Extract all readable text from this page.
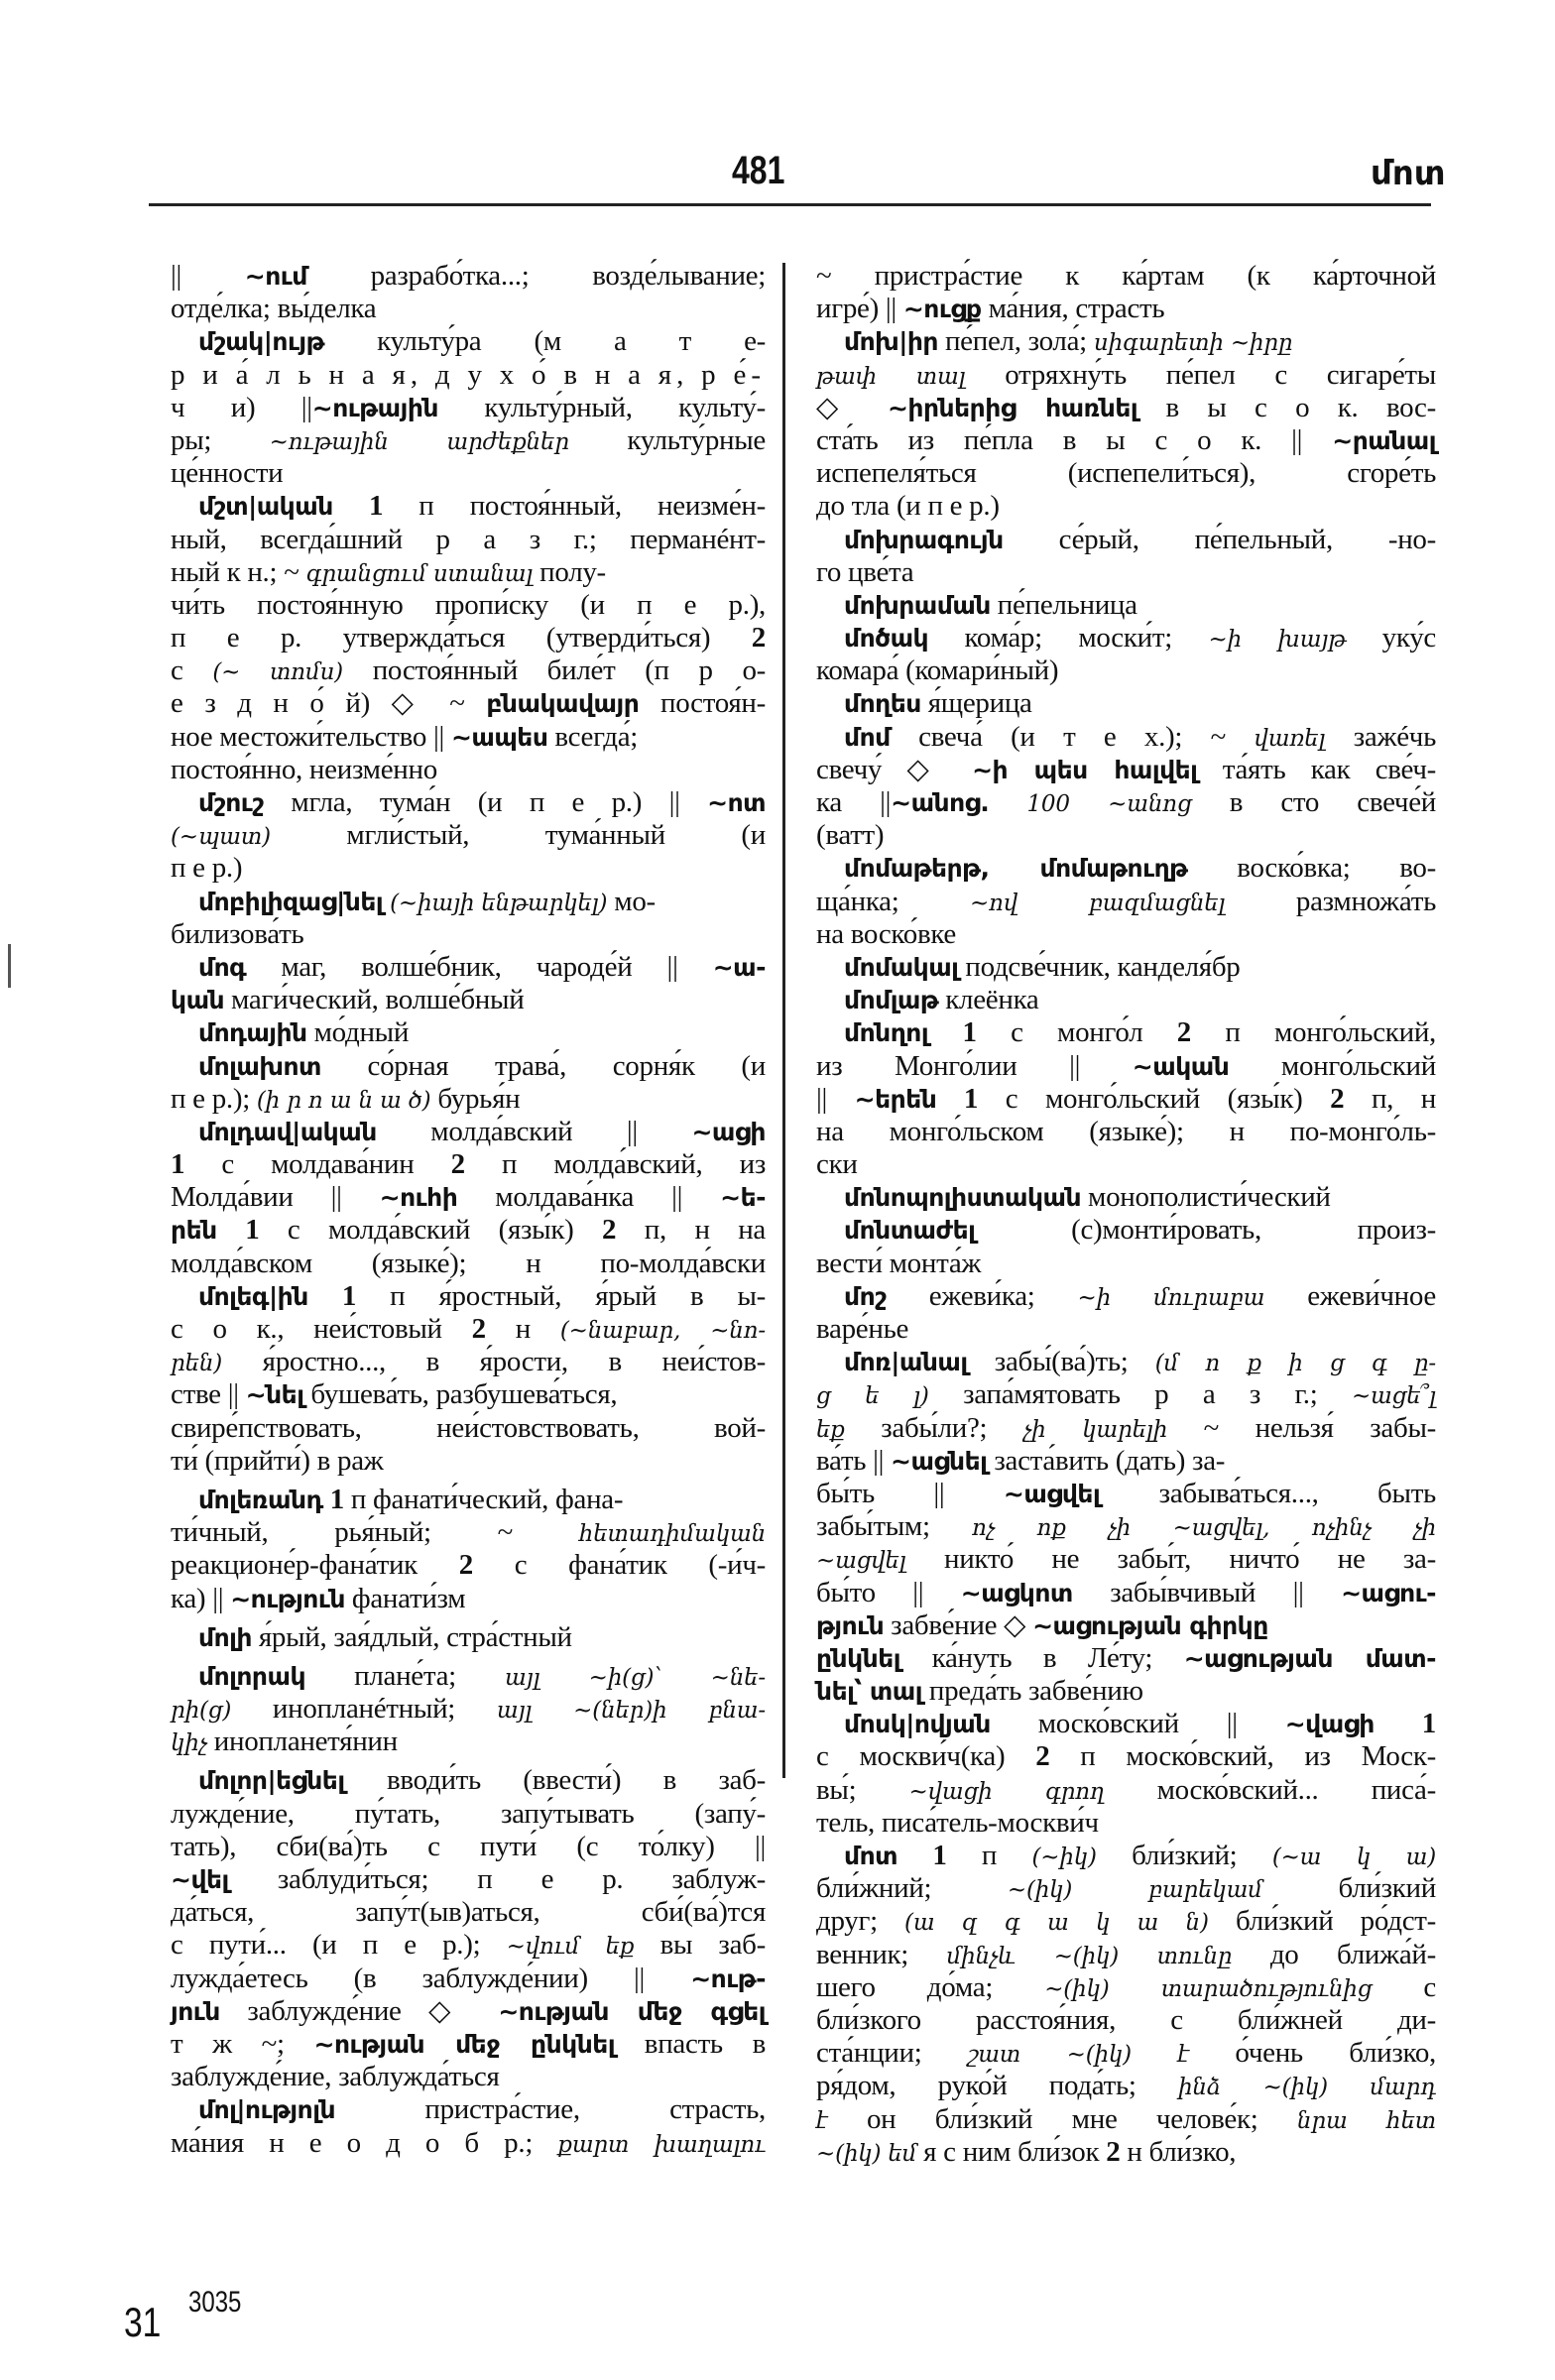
481	մոտ
|| ~ում разрабо́тка...; возде́лывание;
отде́лка; вы́делка
մշակ|ույթ культу́ра (м а т е-
р и а́ л ь н а я, д у х о́ в н а я, р е́-
ч и) ||~ութային культу́рный, культу́-
ры; ~ութային արժեքներ культу́рные
це́нности
մշտ|ական 1 п постоя́нный, неизме́н-
ный, всегда́шний р а з г.; перманéнт-
ный к н.; ~ գրանցում ստանալ полу-
чи́ть постоя́нную пропи́ску (и п е р.),
п е р. утвержда́ться (утверди́ться) 2
с (~ տոմս) постоя́нный биле́т (п р о-
е з д н о́ й) ◇ ~ բնակավայր постоя́н-
ное местожи́тельство || ~ապես всегда́;
постоя́нно, неизме́нно
մշուշ мгла, тума́н (и п е р.) || ~ոտ
(~պատ) мгли́стый, тума́нный (и
п е р.)
մոբիլիզաց|նել (~իայի ենթարկել) мо-
билизова́ть
մոգ маг, волше́бник, чароде́й || ~ա-
կան маги́ческий, волше́бный
մոդային мо́дный
մոլախոտ со́рная трава́, сорня́к (и
п е р.); (ի ր ո ա ն ա ծ) бурья́н
մոլդավ|ական молда́вский || ~ացի
1 с молдава́нин 2 п молда́вский, из
Молда́вии || ~ուհի молдава́нка || ~ե-
րեն 1 с молда́вский (язы́к) 2 п, н на
молда́вском (языке́); н по-молда́вски
մոլեգ|ին 1 п я́ростный, я́рый в ы-
с о к., неи́стовый 2 н (~նաբար, ~նո-
րեն) я́ростно..., в я́рости, в неи́стов-
стве || ~նել бушева́ть, разбушева́ться,
свире́пствовать, неи́стовствовать, вой-
ти́ (прийти́) в раж
մոլեռանդ 1 п фанати́ческий, фана-
ти́чный, рья́ный; ~ հետադիմական
реакционе́р-фана́тик 2 с фана́тик (-и́ч-
ка) || ~ություն фанати́зм
մոլի я́рый, зая́длый, стра́стный
մոլորակ плане́та; այլ ~ի(ց)՝ ~նե-
րի(ց) инопланéтный; այլ ~(ներ)ի բնա-
կիչ инопланетя́нин
մոլոր|եցնել вводи́ть (ввести́) в заб-
лужде́ние, пу́тать, запу́тывать (запу́-
тать), сби(ва́)ть с пути́ (с то́лку) ||
~վել заблуди́ться; п е р. заблуж-
да́ться, запу́т(ыв)аться, сби́(ва́)тся
с пути́... (и п е р.); ~վում եք вы заб-
лужда́етесь (в заблужде́нии) || ~ութ-
յուն заблужде́ние ◇ ~ության մեջ գցել
т ж ~; ~ության մեջ ընկնել впасть в
заблужде́ние, заблужда́ться
մոլ|ությոլն пристра́стие, страсть,
ма́ния н е о д о б р.; քարտ խաղալու
~ пристра́стие к ка́ртам (к ка́рточной
игре́) || ~ուցք ма́ния, страсть
մոխ|իր пе́пел, зола́; սիգարետի ~իրը
թափ տալ отряхну́ть пе́пел с сигаре́ты
◇ ~իրներից հառնել в ы с о к. вос-
ста́ть из пе́пла в ы с о к. || ~րանալ
испепеля́ться (испепели́ться), сгоре́ть
до тла (и п е р.)
մոխրագույն се́рый, пе́пельный, -но-
го цве́та
մոխրաման пе́пельница
մոծակ кома́р; моски́т; ~ի խայթ уку́с
комара́ (комари́ный)
մողես я́щерица
մոմ свеча́ (и т е х.); ~ վառել зажéчь
свечу́ ◇ ~ի պես հալվել та́ять как све́ч-
ка ||~անոց. 100 ~անոց в сто свече́й
(ватт)
մոմաթերթ, մոմաթուղթ воско́вка; во-
ща́нка; ~ով բազմացնել размножа́ть
на воско́вке
մոմակալ подсве́чник, канделя́бр
մոմլաթ клеёнка
մոնղոլ 1 с монго́л 2 п монго́льский,
из Монго́лии || ~ական монго́льский
|| ~երեն 1 с монго́льский (язы́к) 2 п, н
на монго́льском (языке́); н по-монго́ль-
ски
մոնոպոլիստական монополисти́ческий
մոնտաժել (с)монти́ровать, произ-
вести́ монта́ж
մոշ ежеви́ка; ~ի մուրաբա ежеви́чное
варе́нье
մոռ|անալ забы́(ва́)ть; (մ ո ք ի ց գ ը-
ց ե լ) запа́мятовать р а з г.; ~ացե՞լ
եք забы́ли?; չի կարելի ~ нельзя́ забы-
ва́ть || ~ացնել заста́вить (дать) за-
бы́ть || ~ացվել забыва́ться..., быть
забы́тым; ոչ ոք չի ~ացվել, ոչինչ չի
~ացվել никто́ не забы́т, ничто́ не за-
бы́то || ~ացկոտ забы́вчивый || ~ացու-
թյուն забве́ние ◇ ~ացության գիրկը
ընկնել ка́нуть в Ле́ту; ~ացության մատ-
նել՝ տալ преда́ть забве́нию
մոսկ|ովյան моско́вский || ~վացի 1
с москви́ч(ка) 2 п моско́вский, из Моск-
вы́; ~վացի գրող моско́вский... писа́-
тель, писа́тель-москви́ч
մոտ 1 п (~իկ) бли́зкий; (~ա կ ա)
бли́жний; ~(իկ) բարեկամ бли́зкий
друг; (ա զ գ ա կ ա ն) бли́зкий ро́дст-
венник; մինչև ~(իկ) տունը до ближа́й-
шего до́ма; ~(իկ) տարածությունից с
бли́зкого расстоя́ния, с бли́жней ди-
ста́нции; շատ ~(իկ) է о́чень бли́зко,
ря́дом, руко́й пода́ть; ինձ ~(իկ) մարդ
է он бли́зкий мне челове́к; նրա հետ
~(իկ) եմ я с ним бли́зок 2 н бли́зко,
31 3035
